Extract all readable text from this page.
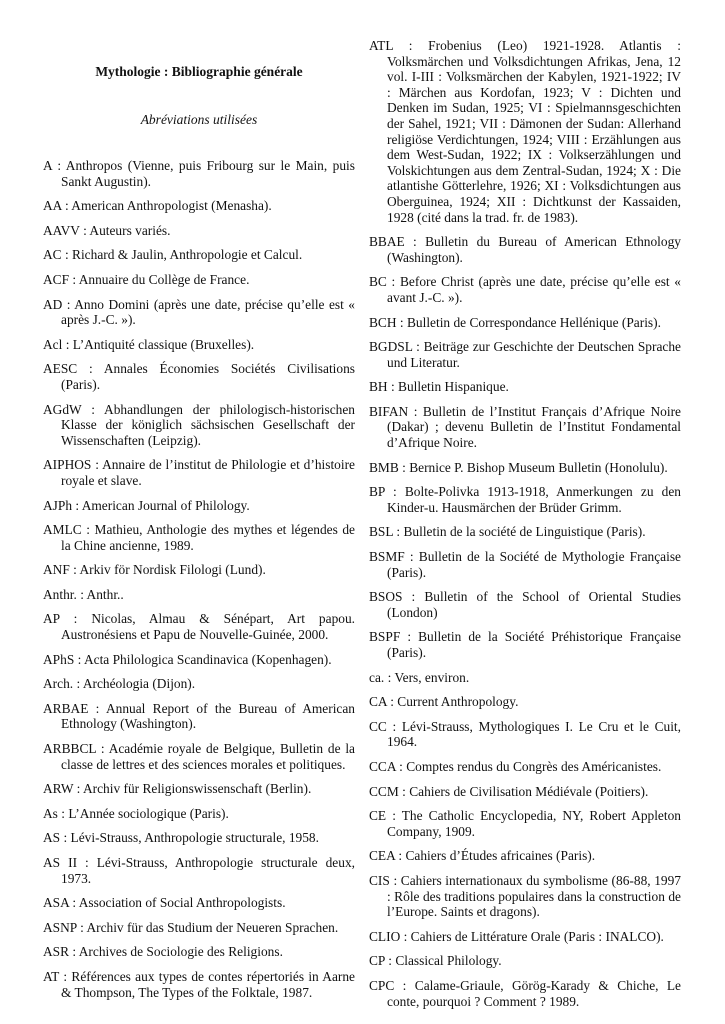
Mythologie : Bibliographie générale
Abréviations utilisées
A : Anthropos (Vienne, puis Fribourg sur le Main, puis Sankt Augustin).
AA : American Anthropologist (Menasha).
AAVV : Auteurs variés.
AC : Richard & Jaulin, Anthropologie et Calcul.
ACF : Annuaire du Collège de France.
AD : Anno Domini (après une date, précise qu’elle est « après J.-C. »).
Acl : L’Antiquité classique (Bruxelles).
AESC : Annales Économies Sociétés Civilisations (Paris).
AGdW : Abhandlungen der philologisch-historischen Klasse der königlich sächsischen Gesellschaft der Wissenschaften (Leipzig).
AIPHOS : Annaire de l’institut de Philologie et d’histoire royale et slave.
AJPh : American Journal of Philology.
AMLC : Mathieu, Anthologie des mythes et légendes de la Chine ancienne, 1989.
ANF : Arkiv för Nordisk Filologi (Lund).
Anthr. : Anthr..
AP : Nicolas, Almau & Sénépart, Art papou. Austronésiens et Papu de Nouvelle-Guinée, 2000.
APhS : Acta Philologica Scandinavica (Kopenhagen).
Arch. : Archéologia (Dijon).
ARBAE : Annual Report of the Bureau of American Ethnology (Washington).
ARBBCL : Académie royale de Belgique, Bulletin de la classe de lettres et des sciences morales et politiques.
ARW : Archiv für Religionswissenschaft (Berlin).
As : L’Année sociologique (Paris).
AS : Lévi-Strauss, Anthropologie structurale, 1958.
AS II : Lévi-Strauss, Anthropologie structurale deux, 1973.
ASA : Association of Social Anthropologists.
ASNP : Archiv für das Studium der Neueren Sprachen.
ASR : Archives de Sociologie des Religions.
AT : Références aux types de contes répertoriés in Aarne & Thompson, The Types of the Folktale, 1987.
ATL : Frobenius (Leo) 1921-1928. Atlantis : Volksmärchen und Volksdichtungen Afrikas, Jena, 12 vol. I-III : Volksmärchen der Kabylen, 1921-1922; IV : Märchen aus Kordofan, 1923; V : Dichten und Denken im Sudan, 1925; VI : Spielmannsgeschichten der Sahel, 1921; VII : Dämonen der Sudan: Allerhand religiöse Verdichtungen, 1924; VIII : Erzählungen aus dem West-Sudan, 1922; IX : Volkserzählungen und Volskichtungen aus dem Zentral-Sudan, 1924; X : Die atlantishe Götterlehre, 1926; XI : Volksdichtungen aus Oberguinea, 1924; XII : Dichtkunst der Kassaiden, 1928 (cité dans la trad. fr. de 1983).
BBAE : Bulletin du Bureau of American Ethnology (Washington).
BC : Before Christ (après une date, précise qu’elle est « avant J.-C. »).
BCH : Bulletin de Correspondance Hellénique (Paris).
BGDSL : Beiträge zur Geschichte der Deutschen Sprache und Literatur.
BH : Bulletin Hispanique.
BIFAN : Bulletin de l’Institut Français d’Afrique Noire (Dakar) ; devenu Bulletin de l’Institut Fondamental d’Afrique Noire.
BMB : Bernice P. Bishop Museum Bulletin (Honolulu).
BP : Bolte-Polivka 1913-1918, Anmerkungen zu den Kinder-u. Hausmärchen der Brüder Grimm.
BSL : Bulletin de la société de Linguistique (Paris).
BSMF : Bulletin de la Société de Mythologie Française (Paris).
BSOS : Bulletin of the School of Oriental Studies (London)
BSPF : Bulletin de la Société Préhistorique Française (Paris).
ca. : Vers, environ.
CA : Current Anthropology.
CC : Lévi-Strauss, Mythologiques I. Le Cru et le Cuit, 1964.
CCA : Comptes rendus du Congrès des Américanistes.
CCM : Cahiers de Civilisation Médiévale (Poitiers).
CE : The Catholic Encyclopedia, NY, Robert Appleton Company, 1909.
CEA : Cahiers d’Études africaines (Paris).
CIS : Cahiers internationaux du symbolisme (86-88, 1997 : Rôle des traditions populaires dans la construction de l’Europe. Saints et dragons).
CLIO : Cahiers de Littérature Orale (Paris : INALCO).
CP : Classical Philology.
CPC : Calame-Griaule, Görög-Karady & Chiche, Le conte, pourquoi ? Comment ? 1989.
